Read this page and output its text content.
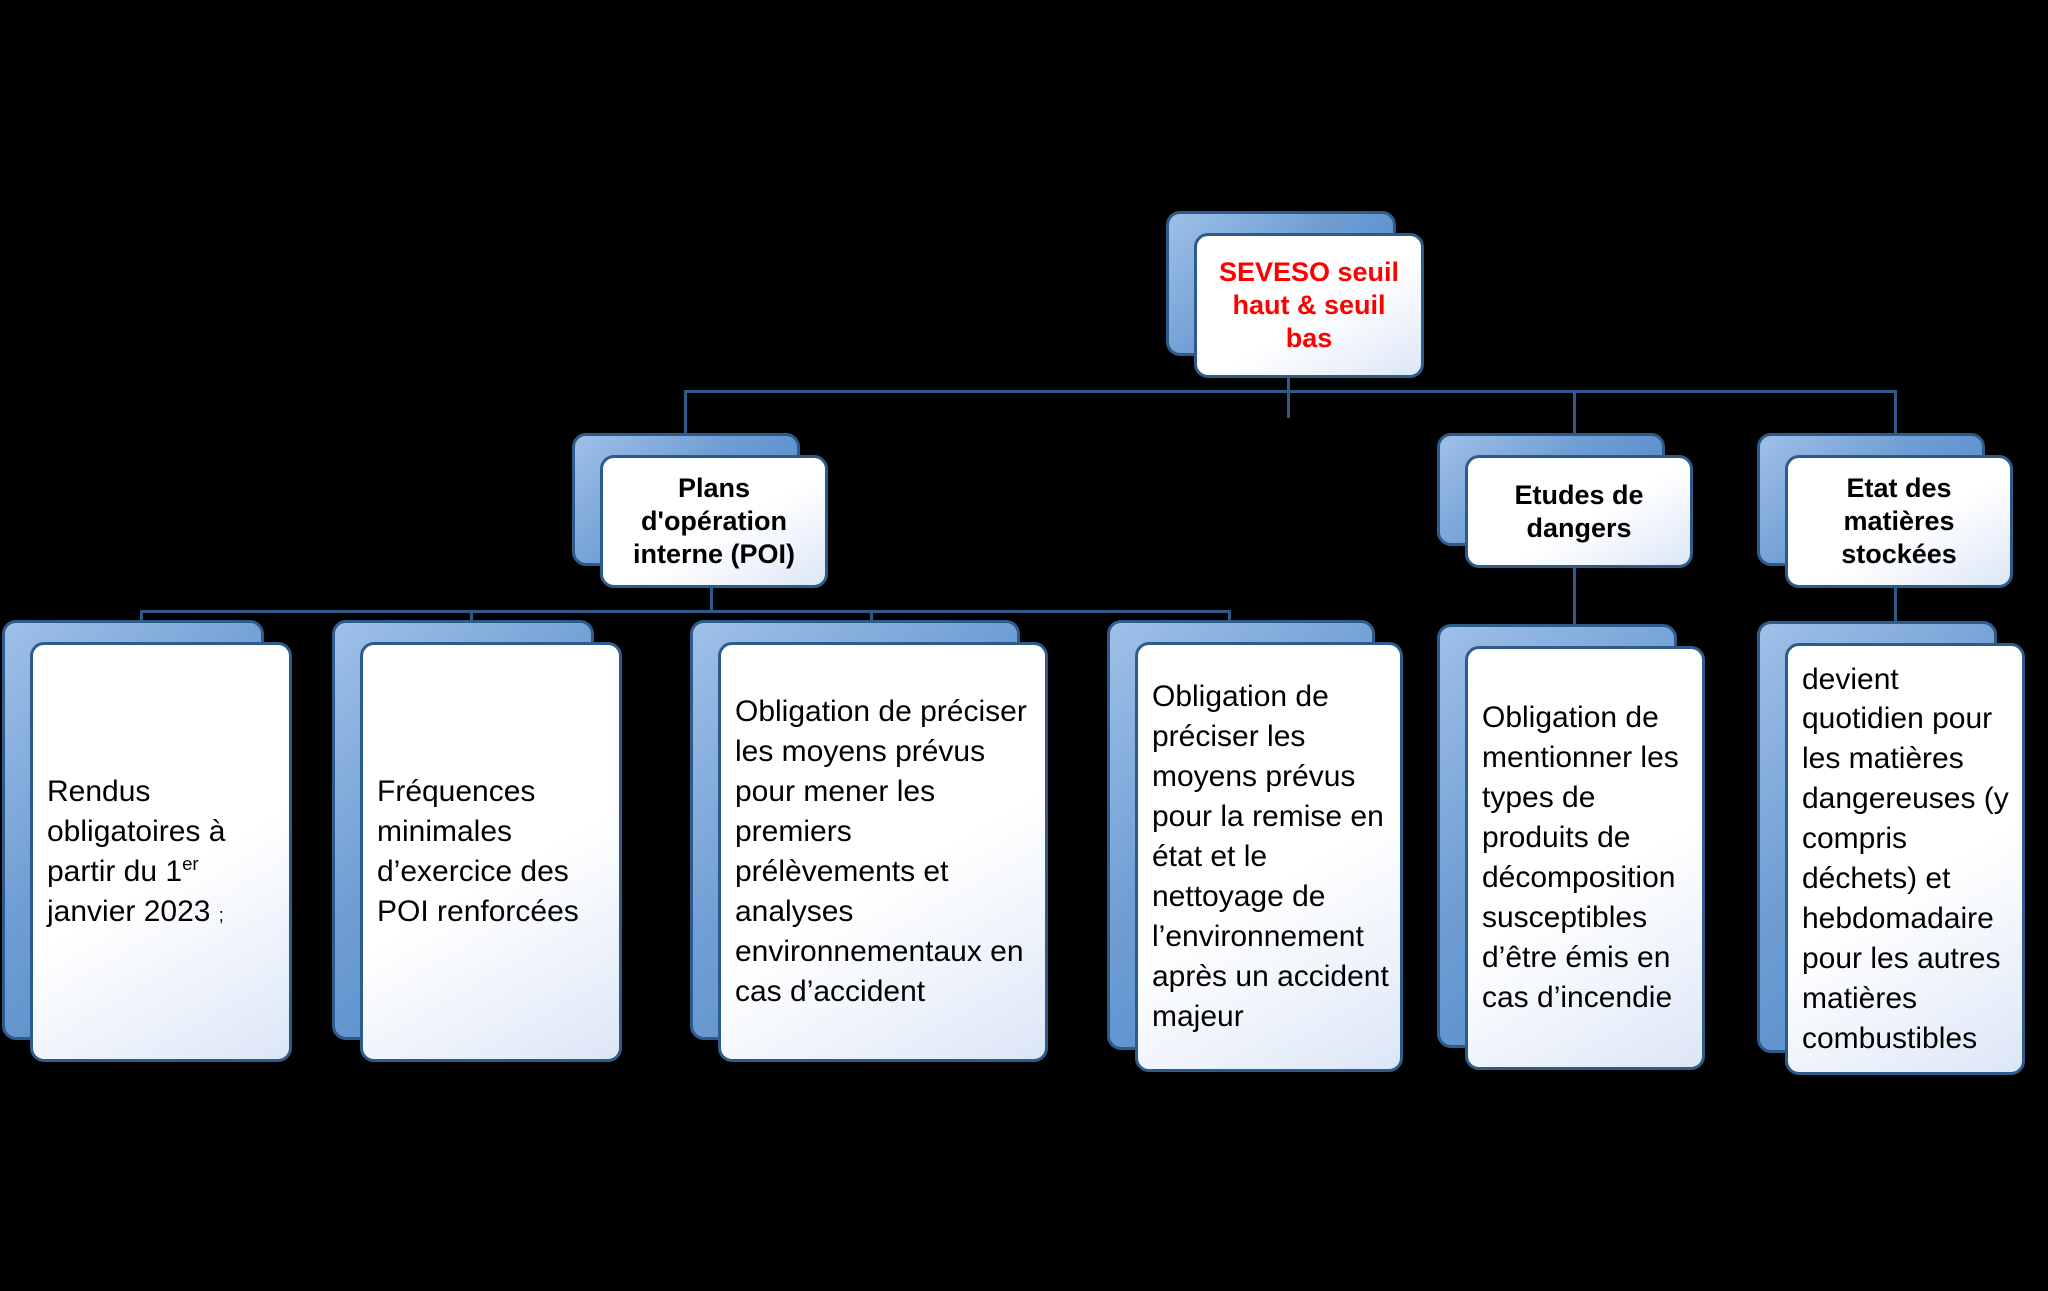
SEVESO seuil haut & seuil bas
Plans d'opération interne (POI)
Etudes de dangers
Etat des matières stockées
Rendus obligatoires à partir du 1er janvier 2023 ;
Fréquences minimales d’exercice des POI renforcées
Obligation de préciser les moyens prévus pour mener les premiers prélèvements et analyses environnementaux en cas d’accident
Obligation de préciser les moyens prévus pour la remise en état et le nettoyage de l’environnement après un accident majeur
Obligation de mentionner les types de produits de décomposition susceptibles d’être émis en cas d’incendie
devient quotidien pour les matières dangereuses (y compris déchets) et hebdomadaire pour les autres matières combustibles
